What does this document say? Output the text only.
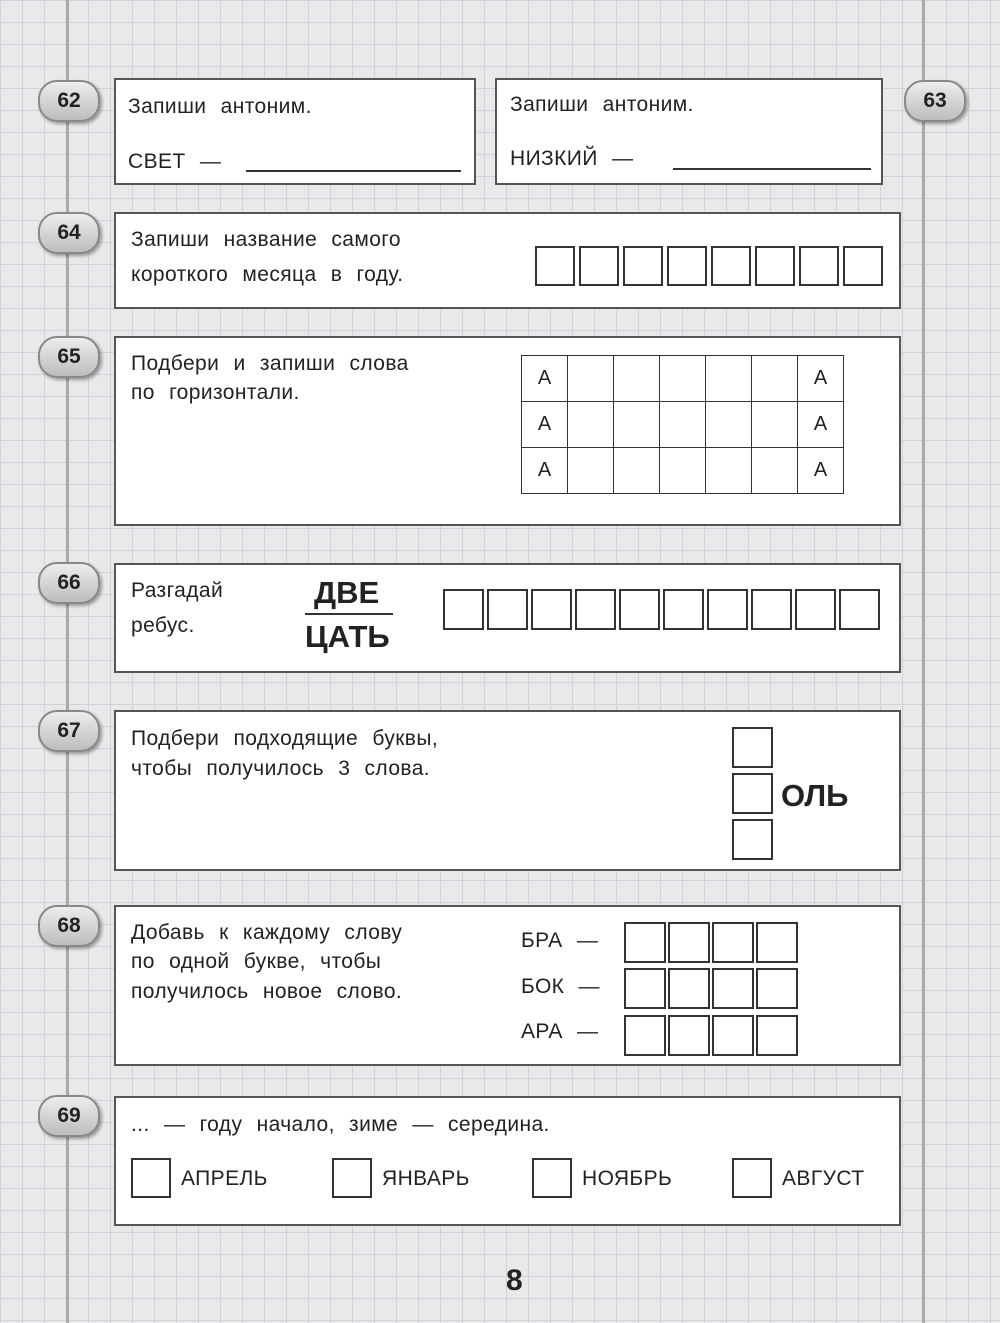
62	63
64
65
66
67
68
69
Запиши антоним.
СВЕТ —
Запиши антоним.
НИЗКИЙ —
Запиши название самого
короткого месяца в году.
Подбери и запиши слова
по горизонтали.
А						А
А						А
А						А
Разгадай
ребус.
ДВЕ
ЦАТЬ
Подбери подходящие буквы,
чтобы получилось 3 слова.
ОЛЬ
Добавь к каждому слову
по одной букве, чтобы
получилось новое слово.
БРА —
БОК —
АРА —
... — году начало, зиме — середина.
АПРЕЛЬ	ЯНВАРЬ	НОЯБРЬ	АВГУСТ
8
